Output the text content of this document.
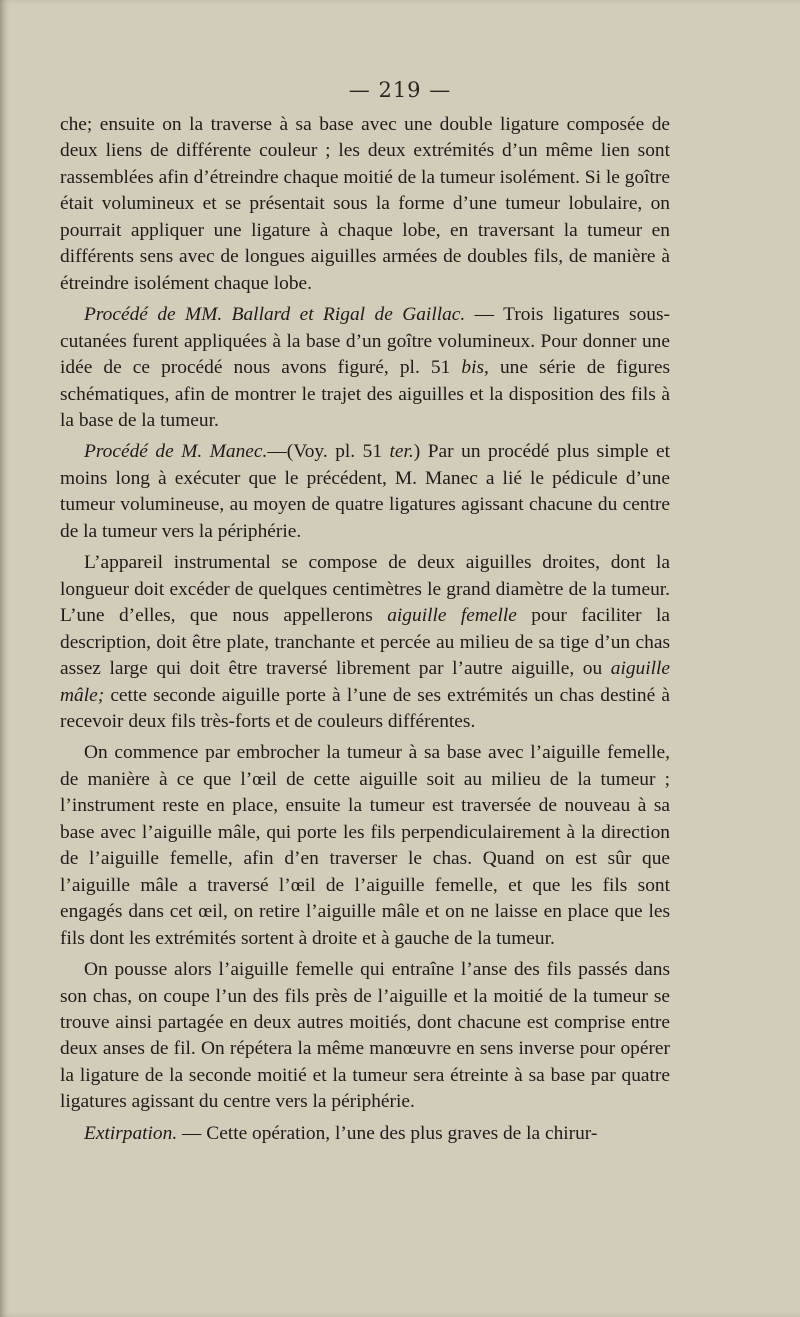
— 219 —

che; ensuite on la traverse à sa base avec une double ligature composée de deux liens de différente couleur ; les deux extrémités d’un même lien sont rassemblées afin d’étreindre chaque moitié de la tumeur isolément. Si le goître était volumineux et se présentait sous la forme d’une tumeur lobulaire, on pourrait appliquer une ligature à chaque lobe, en traversant la tumeur en différents sens avec de longues aiguilles armées de doubles fils, de manière à étreindre isolément chaque lobe.

Procédé de MM. Ballard et Rigal de Gaillac. — Trois ligatures sous-cutanées furent appliquées à la base d’un goître volumineux. Pour donner une idée de ce procédé nous avons figuré, pl. 51 bis, une série de figures schématiques, afin de montrer le trajet des aiguilles et la disposition des fils à la base de la tumeur.

Procédé de M. Manec.—(Voy. pl. 51 ter.) Par un procédé plus simple et moins long à exécuter que le précédent, M. Manec a lié le pédicule d’une tumeur volumineuse, au moyen de quatre ligatures agissant chacune du centre de la tumeur vers la périphérie.

L’appareil instrumental se compose de deux aiguilles droites, dont la longueur doit excéder de quelques centimètres le grand diamètre de la tumeur. L’une d’elles, que nous appellerons aiguille femelle pour faciliter la description, doit être plate, tranchante et percée au milieu de sa tige d’un chas assez large qui doit être traversé librement par l’autre aiguille, ou aiguille mâle; cette seconde aiguille porte à l’une de ses extrémités un chas destiné à recevoir deux fils très-forts et de couleurs différentes.

On commence par embrocher la tumeur à sa base avec l’aiguille femelle, de manière à ce que l’œil de cette aiguille soit au milieu de la tumeur ; l’instrument reste en place, ensuite la tumeur est traversée de nouveau à sa base avec l’aiguille mâle, qui porte les fils perpendiculairement à la direction de l’aiguille femelle, afin d’en traverser le chas. Quand on est sûr que l’aiguille mâle a traversé l’œil de l’aiguille femelle, et que les fils sont engagés dans cet œil, on retire l’aiguille mâle et on ne laisse en place que les fils dont les extrémités sortent à droite et à gauche de la tumeur.

On pousse alors l’aiguille femelle qui entraîne l’anse des fils passés dans son chas, on coupe l’un des fils près de l’aiguille et la moitié de la tumeur se trouve ainsi partagée en deux autres moitiés, dont chacune est comprise entre deux anses de fil. On répétera la même manœuvre en sens inverse pour opérer la ligature de la seconde moitié et la tumeur sera étreinte à sa base par quatre ligatures agissant du centre vers la périphérie.

Extirpation. — Cette opération, l’une des plus graves de la chirur-
